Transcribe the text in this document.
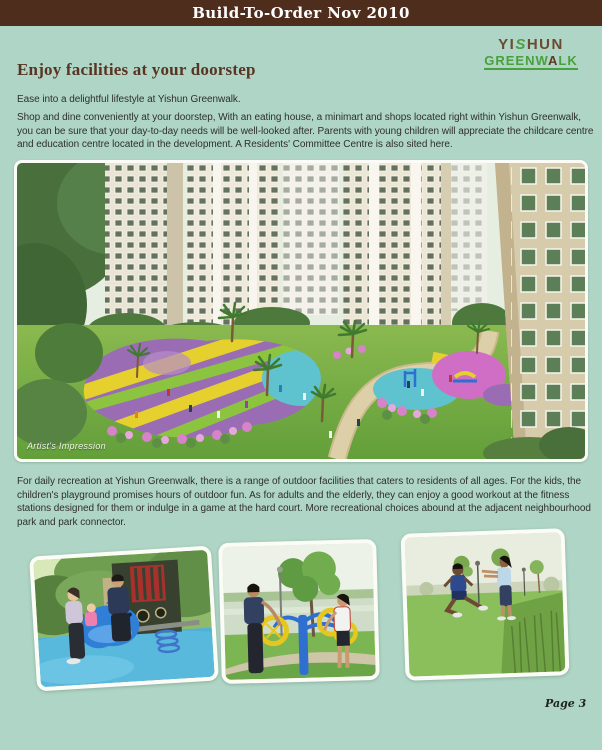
Build-To-Order Nov 2010
YISHUN
GREENWALK
Enjoy facilities at your doorstep

Ease into a delightful lifestyle at Yishun Greenwalk.

Shop and dine conveniently at your doorstep, With an eating house, a minimart and shops located right within Yishun Greenwalk, you can be sure that your day-to-day needs will be well-looked after. Parents with young children will appreciate the childcare centre and education centre located in the development. A Residents' Committee Centre is also sited here.

For daily recreation at Yishun Greenwalk, there is a range of outdoor facilities that caters to residents of all ages. For the kids, the children's playground promises hours of outdoor fun. As for adults and the elderly, they can enjoy a good workout at the fitness stations designed for them or indulge in a game at the hard court. More recreational choices abound at the adjacent neighbourhood park and park connector.

Artist's Impression
Page 3
